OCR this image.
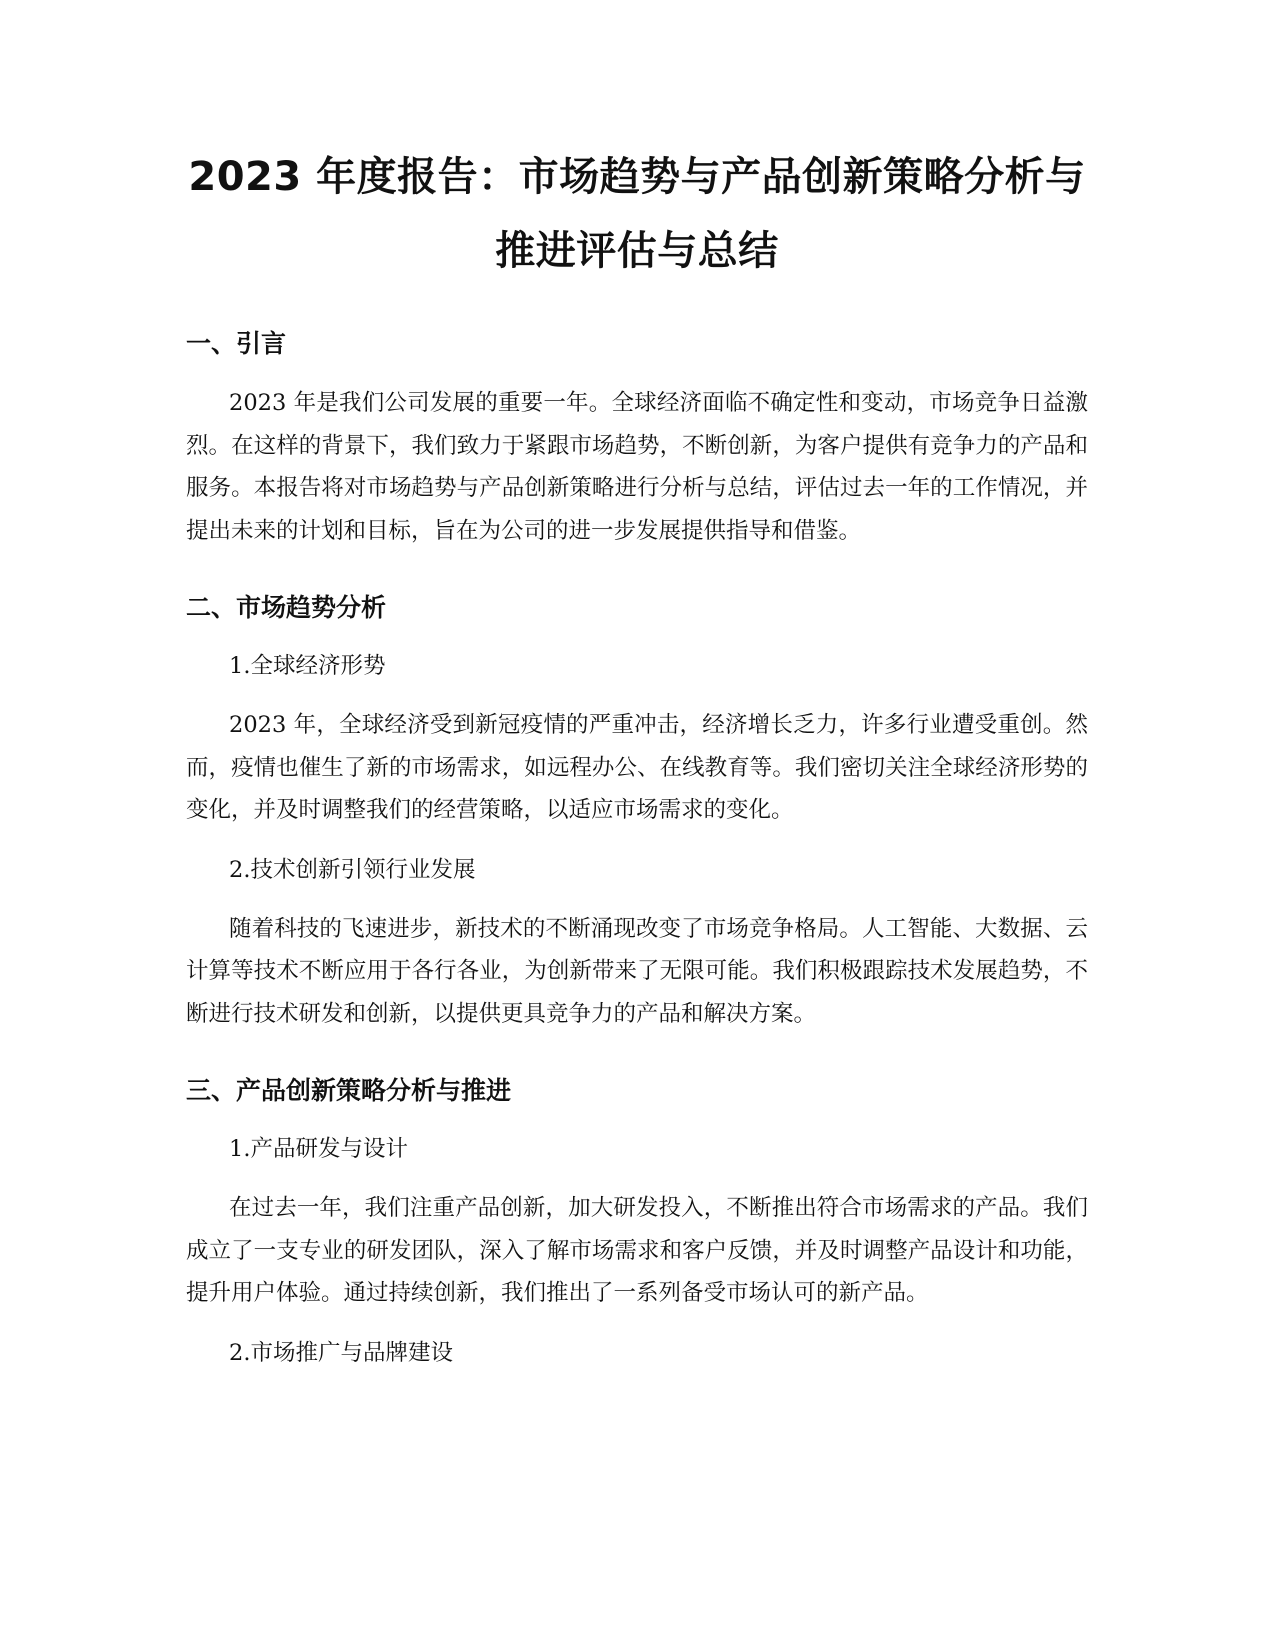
2023 年度报告：市场趋势与产品创新策略分析与推进评估与总结
一、引言

2023 年是我们公司发展的重要一年。全球经济面临不确定性和变动，市场竞争日益激烈。在这样的背景下，我们致力于紧跟市场趋势，不断创新，为客户提供有竞争力的产品和服务。本报告将对市场趋势与产品创新策略进行分析与总结，评估过去一年的工作情况，并提出未来的计划和目标，旨在为公司的进一步发展提供指导和借鉴。

二、市场趋势分析

1.全球经济形势

2023 年，全球经济受到新冠疫情的严重冲击，经济增长乏力，许多行业遭受重创。然而，疫情也催生了新的市场需求，如远程办公、在线教育等。我们密切关注全球经济形势的变化，并及时调整我们的经营策略，以适应市场需求的变化。

2.技术创新引领行业发展

随着科技的飞速进步，新技术的不断涌现改变了市场竞争格局。人工智能、大数据、云计算等技术不断应用于各行各业，为创新带来了无限可能。我们积极跟踪技术发展趋势，不断进行技术研发和创新，以提供更具竞争力的产品和解决方案。

三、产品创新策略分析与推进

1.产品研发与设计

在过去一年，我们注重产品创新，加大研发投入，不断推出符合市场需求的产品。我们成立了一支专业的研发团队，深入了解市场需求和客户反馈，并及时调整产品设计和功能，提升用户体验。通过持续创新，我们推出了一系列备受市场认可的新产品。

2.市场推广与品牌建设
